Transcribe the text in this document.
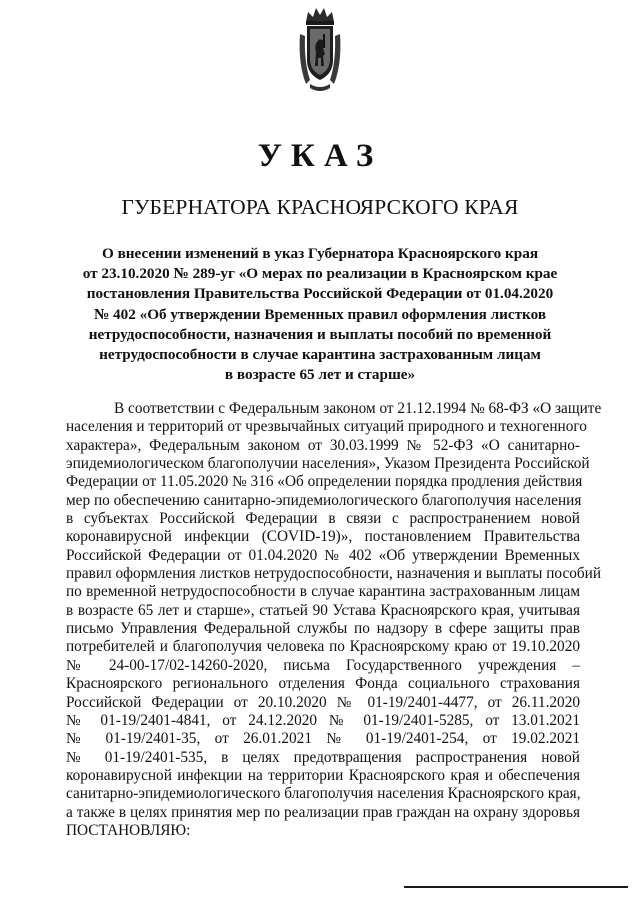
УКАЗ
ГУБЕРНАТОРА КРАСНОЯРСКОГО КРАЯ
О внесении изменений в указ Губернатора Красноярского края
от 23.10.2020 № 289-уг «О мерах по реализации в Красноярском крае
постановления Правительства Российской Федерации от 01.04.2020
№ 402 «Об утверждении Временных правил оформления листков
нетрудоспособности, назначения и выплаты пособий по временной
нетрудоспособности в случае карантина застрахованным лицам
в возрасте 65 лет и старше»
В соответствии с Федеральным законом от 21.12.1994 № 68-ФЗ «О защите
населения и территорий от чрезвычайных ситуаций природного и техногенного
характера», Федеральным законом от 30.03.1999 № 52-ФЗ «О санитарно-
эпидемиологическом благополучии населения», Указом Президента Российской
Федерации от 11.05.2020 № 316 «Об определении порядка продления действия
мер по обеспечению санитарно-эпидемиологического благополучия населения
в субъектах Российской Федерации в связи с распространением новой
коронавирусной инфекции (COVID-19)», постановлением Правительства
Российской Федерации от 01.04.2020 № 402 «Об утверждении Временных
правил оформления листков нетрудоспособности, назначения и выплаты пособий
по временной нетрудоспособности в случае карантина застрахованным лицам
в возрасте 65 лет и старше», статьей 90 Устава Красноярского края, учитывая
письмо Управления Федеральной службы по надзору в сфере защиты прав
потребителей и благополучия человека по Красноярскому краю от 19.10.2020
№ 24-00-17/02-14260-2020, письма Государственного учреждения –
Красноярского регионального отделения Фонда социального страхования
Российской Федерации от 20.10.2020 № 01-19/2401-4477, от 26.11.2020
№ 01-19/2401-4841, от 24.12.2020 № 01-19/2401-5285, от 13.01.2021
№ 01-19/2401-35, от 26.01.2021 № 01-19/2401-254, от 19.02.2021
№ 01-19/2401-535, в целях предотвращения распространения новой
коронавирусной инфекции на территории Красноярского края и обеспечения
санитарно-эпидемиологического благополучия населения Красноярского края,
а также в целях принятия мер по реализации прав граждан на охрану здоровья
ПОСТАНОВЛЯЮ:
